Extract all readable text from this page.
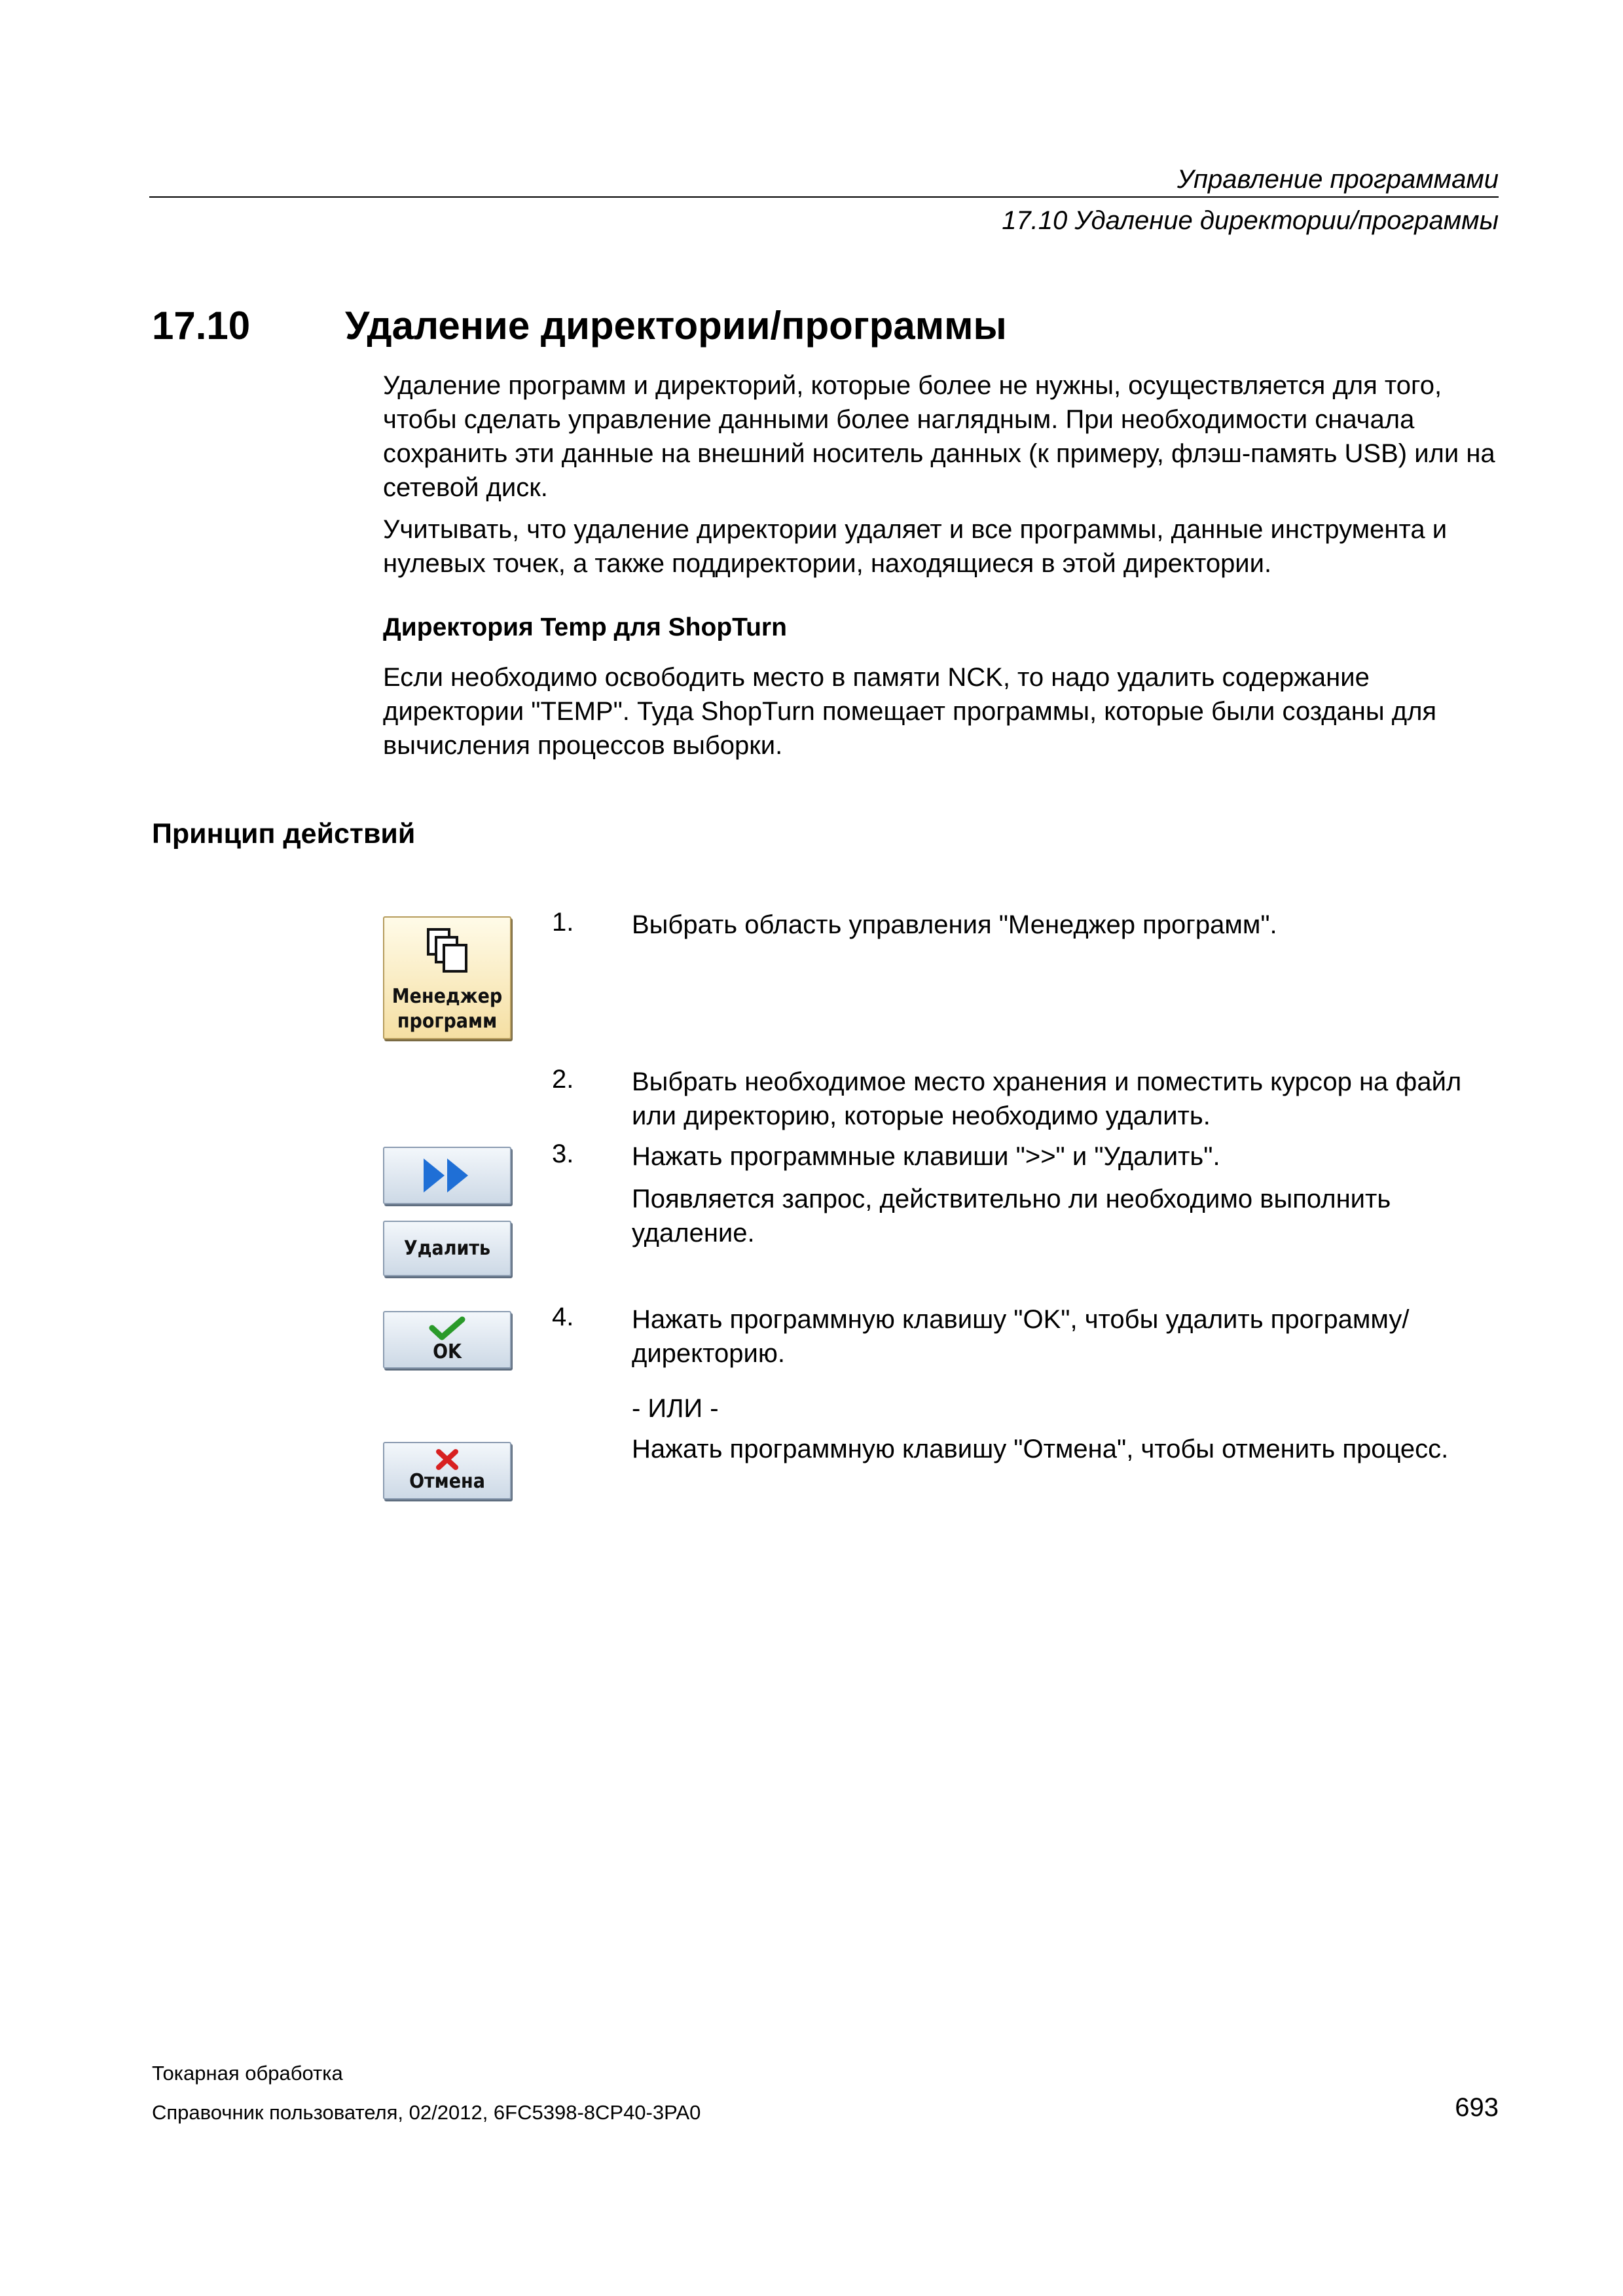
Управление программами
17.10 Удаление директории/программы
17.10 Удаление директории/программы
Удаление программ и директорий, которые более не нужны, осуществляется для того, чтобы сделать управление данными более наглядным. При необходимости сначала сохранить эти данные на внешний носитель данных (к примеру, флэш-память USB) или на сетевой диск.
Учитывать, что удаление директории удаляет и все программы, данные инструмента и нулевых точек, а также поддиректории, находящиеся в этой директории.
Директория Temp для ShopTurn
Если необходимо освободить место в памяти NCK, то надо удалить содержание директории "TEMP". Туда ShopTurn помещает программы, которые были созданы для вычисления процессов выборки.
Принцип действий
Менеджер
программ
1. Выбрать область управления "Менеджер программ".
2. Выбрать необходимое место хранения и поместить курсор на файл или директорию, которые необходимо удалить.
Удалить
3. Нажать программные клавиши ">>" и "Удалить".
Появляется запрос, действительно ли необходимо выполнить удаление.
OK
4. Нажать программную клавишу "OK", чтобы удалить программу/директорию.
- ИЛИ -
Нажать программную клавишу "Отмена", чтобы отменить процесс.
Отмена
Токарная обработка
Справочник пользователя, 02/2012, 6FC5398-8CP40-3PA0	693
